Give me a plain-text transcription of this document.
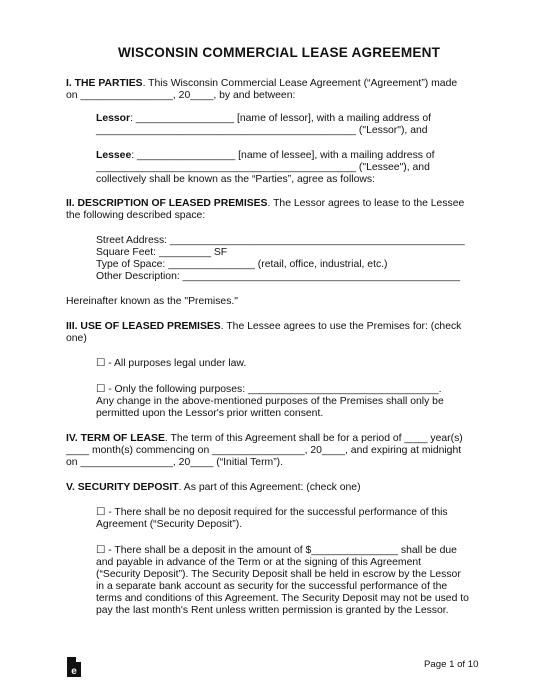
WISCONSIN COMMERCIAL LEASE AGREEMENT

I. THE PARTIES. This Wisconsin Commercial Lease Agreement (“Agreement”) made

on ________________, 20____, by and between:

Lessor: _________________ [name of lessor], with a mailing address of

_____________________________________________ ("Lessor"), and

Lessee: _________________ [name of lessee], with a mailing address of

_____________________________________________ ("Lessee"), and

collectively shall be known as the “Parties”, agree as follows:

II. DESCRIPTION OF LEASED PREMISES. The Lessor agrees to lease to the Lessee

the following described space:

Street Address: ___________________________________________________

Square Feet: _________ SF

Type of Space: _______________ (retail, office, industrial, etc.)

Other Description: ________________________________________________

Hereinafter known as the "Premises."

III. USE OF LEASED PREMISES. The Lessee agrees to use the Premises for: (check

one)

☐ - All purposes legal under law.

☐ - Only the following purposes: _________________________________.

Any change in the above-mentioned purposes of the Premises shall only be

permitted upon the Lessor's prior written consent.

IV. TERM OF LEASE. The term of this Agreement shall be for a period of ____ year(s)

____ month(s) commencing on ________________, 20____, and expiring at midnight

on ________________, 20____ (“Initial Term”).

V. SECURITY DEPOSIT. As part of this Agreement: (check one)

☐ - There shall be no deposit required for the successful performance of this

Agreement (“Security Deposit”).

☐ - There shall be a deposit in the amount of $_______________ shall be due

and payable in advance of the Term or at the signing of this Agreement

(“Security Deposit”). The Security Deposit shall be held in escrow by the Lessor

in a separate bank account as security for the successful performance of the

terms and conditions of this Agreement. The Security Deposit may not be used to

pay the last month's Rent unless written permission is granted by the Lessor.

e

Page 1 of 10
